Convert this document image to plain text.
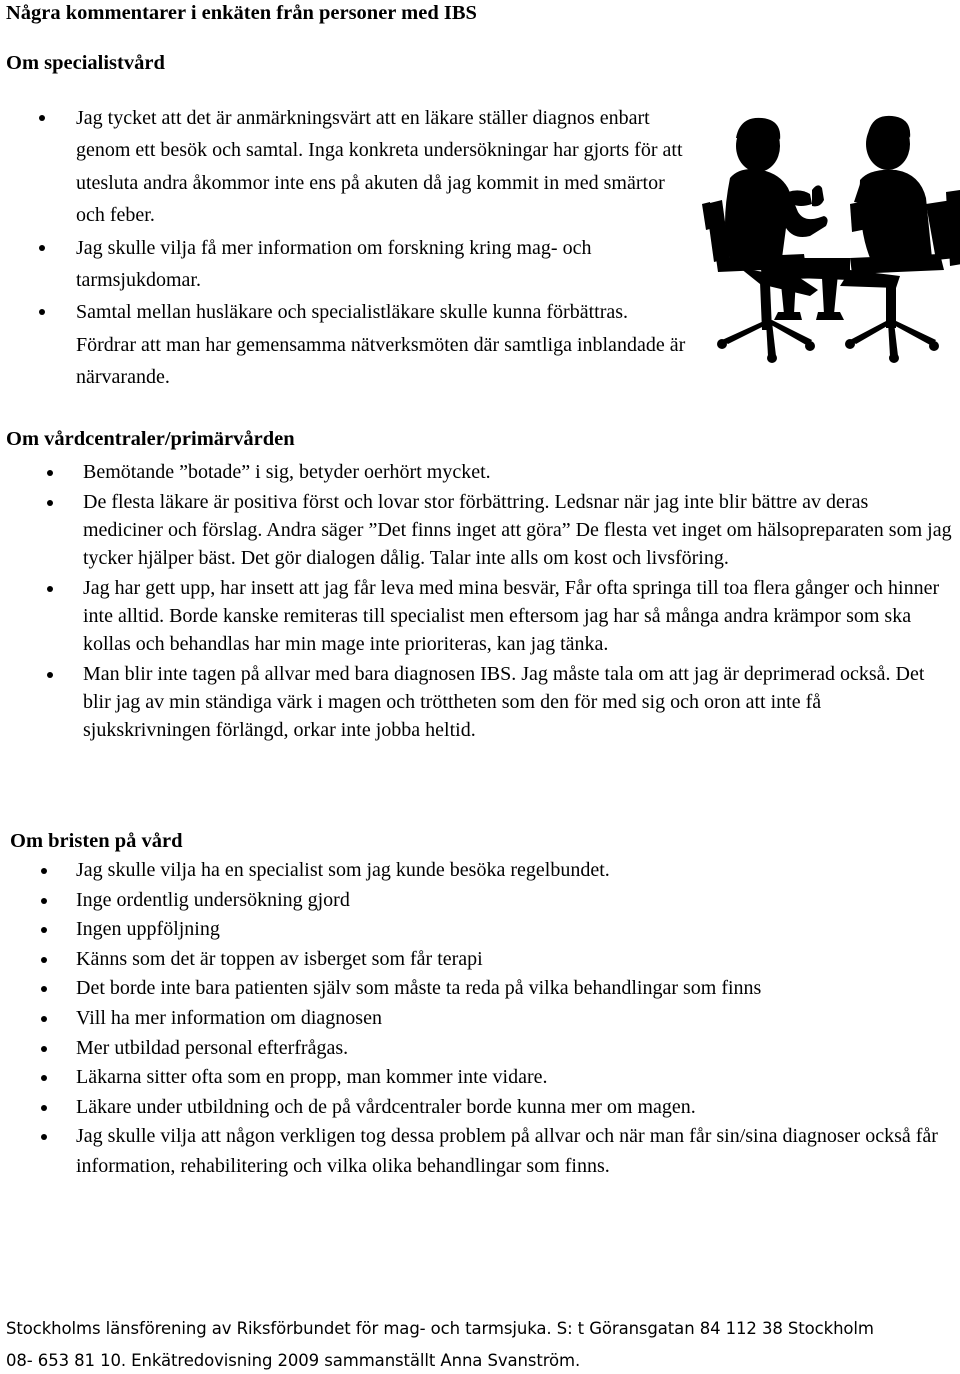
Några kommentarer i enkäten från personer med IBS
Om specialistvård
Jag tycket att det är anmärkningsvärt att en läkare ställer diagnos enbart genom ett besök och samtal. Inga konkreta undersökningar har gjorts för att utesluta andra åkommor inte ens på akuten då jag kommit in med smärtor och feber.
Jag skulle vilja få mer information om forskning kring mag- och tarmsjukdomar.
Samtal mellan husläkare och specialistläkare skulle kunna förbättras. Fördrar att man har gemensamma nätverksmöten där samtliga inblandade är närvarande.
Om vårdcentraler/primärvården
Bemötande ”botade” i sig, betyder oerhört mycket.
De flesta läkare är positiva först och lovar stor förbättring. Ledsnar när jag inte blir bättre av deras mediciner och förslag. Andra säger ”Det finns inget att göra” De flesta vet inget om hälsopreparaten som jag tycker hjälper bäst. Det gör dialogen dålig. Talar inte alls om kost och livsföring.
Jag har gett upp, har insett att jag får leva med mina besvär, Får ofta springa till toa flera gånger och hinner inte alltid. Borde kanske remiteras till specialist men eftersom jag har så många andra krämpor som ska kollas och behandlas har min mage inte prioriteras, kan jag tänka.
Man blir inte tagen på allvar med bara diagnosen IBS. Jag måste tala om att jag är deprimerad också. Det blir jag av min ständiga värk i magen och tröttheten som den för med sig och oron att inte få sjukskrivningen förlängd, orkar inte jobba heltid.
Om bristen på vård
Jag skulle vilja ha en specialist som jag kunde besöka regelbundet.
Inge ordentlig undersökning gjord
Ingen uppföljning
Känns som det är toppen av isberget som får terapi
Det borde inte bara patienten själv som måste ta reda på vilka behandlingar som finns
Vill ha mer information om diagnosen
Mer utbildad personal efterfrågas.
Läkarna sitter ofta som en propp, man kommer inte vidare.
Läkare under utbildning och de på vårdcentraler borde kunna mer om magen.
Jag skulle vilja att någon verkligen tog dessa problem på allvar och när man får sin/sina diagnoser också får information, rehabilitering och vilka olika behandlingar som finns.
Stockholms länsförening av Riksförbundet för mag- och tarmsjuka. S: t Göransgatan 84 112 38 Stockholm
08- 653 81 10. Enkätredovisning 2009 sammanställt Anna Svanström.
